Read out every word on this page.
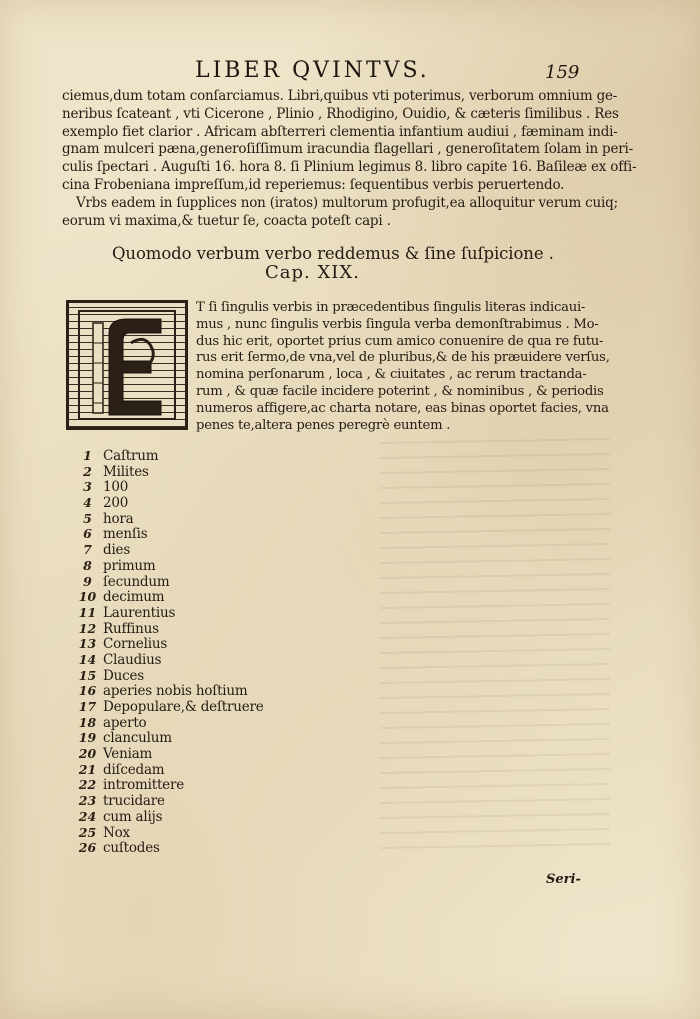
LIBER QVINTVS.	159
ciemus,dum totam conſarciamus. Libri,quibus vti poterimus, verborum omnium ge-
neribus ſcateant , vti Cicerone , Plinio , Rhodigino, Ouidio, & cæteris ſimilibus . Res
exemplo fiet clarior . Africam abſterreri clementia infantium audiui , fæminam indi-
gnam mulceri pæna,generoſiſſimum iracundia flagellari , generoſitatem ſolam in peri-
culis ſpectari . Auguſti 16. hora 8. ſi Plinium legimus 8. libro capite 16. Baſileæ ex offi-
cina Frobeniana impreſſum,id reperiemus: ſequentibus verbis peruertendo.
Vrbs eadem in ſupplices non (iratos) multorum profugit,ea alloquitur verum cuiq;
eorum vi maxima,& tuetur ſe, coacta poteſt capi .
Quomodo verbum verbo reddemus & ſine ſuſpicione .
Cap. XIX.
T ſi ſingulis verbis in præcedentibus ſingulis literas indicaui-
mus , nunc ſingulis verbis ſingula verba demonſtrabimus . Mo-
dus hic erit, oportet prius cum amico conuenire de qua re futu-
rus erit ſermo,de vna,vel de pluribus,& de his præuidere verſus,
nomina perſonarum , loca , & ciuitates , ac rerum tractanda-
rum , & quæ facile incidere poterint , & nominibus , & periodis
numeros affigere,ac charta notare, eas binas oportet facies, vna
penes te,altera penes peregrè euntem .
1 Caſtrum
2 Milites
3 100
4 200
5 hora
6 menſis
7 dies
8 primum
9 ſecundum
10 decimum
11 Laurentius
12 Ruffinus
13 Cornelius
14 Claudius
15 Duces
16 aperies nobis hoſtium
17 Depopulare,& deſtruere
18 aperto
19 clanculum
20 Veniam
21 diſcedam
22 intromittere
23 trucidare
24 cum alijs
25 Nox
26 cuſtodes
Seri-
